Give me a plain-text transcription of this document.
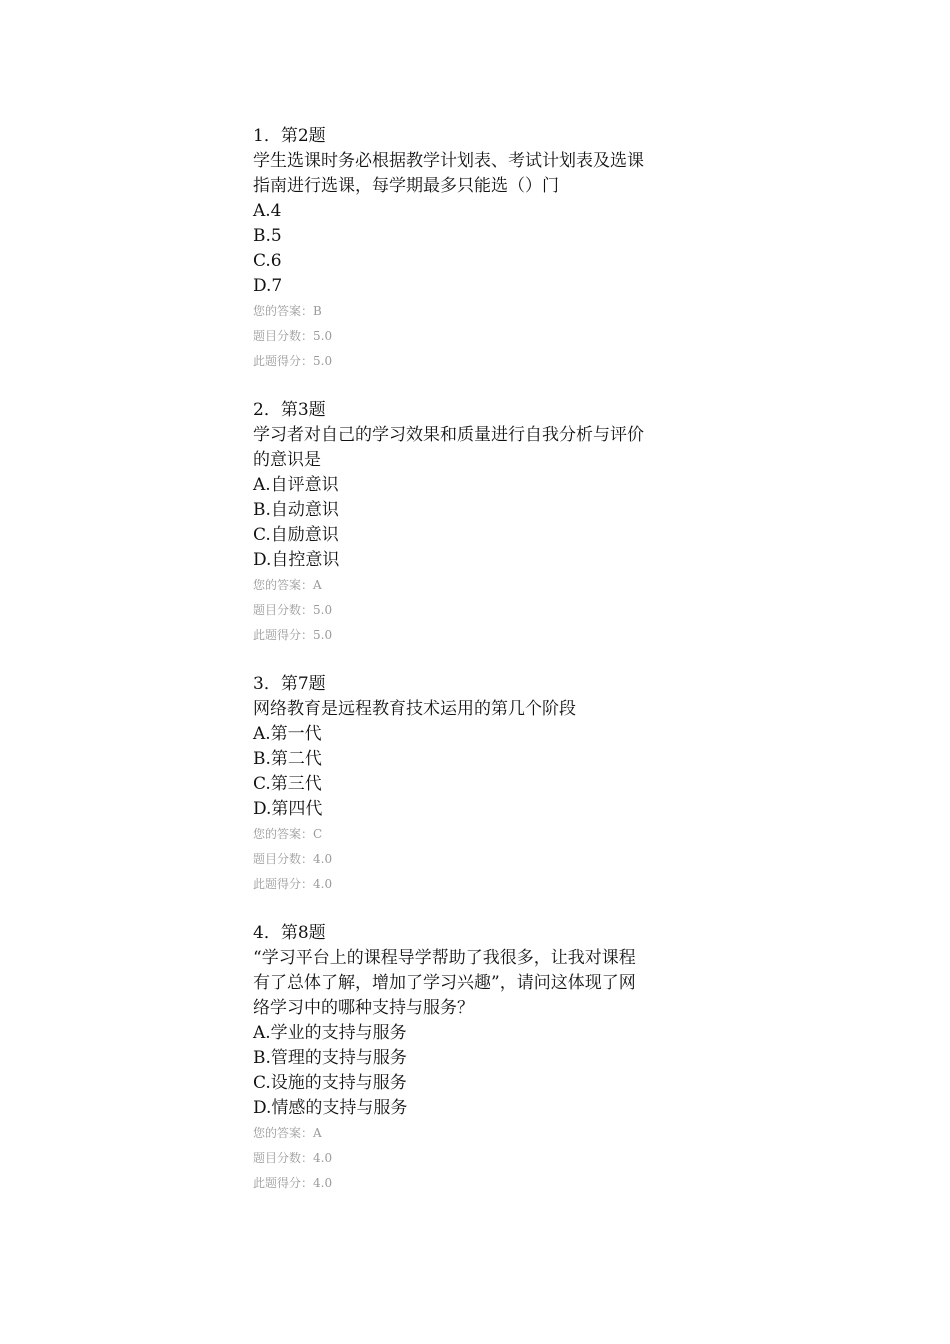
1．第2题
学生选课时务必根据教学计划表、考试计划表及选课
指南进行选课，每学期最多只能选（）门
A.4
B.5
C.6
D.7
您的答案：B
题目分数：5.0
此题得分：5.0
2．第3题
学习者对自己的学习效果和质量进行自我分析与评价
的意识是
A.自评意识
B.自动意识
C.自励意识
D.自控意识
您的答案：A
题目分数：5.0
此题得分：5.0
3．第7题
网络教育是远程教育技术运用的第几个阶段
A.第一代
B.第二代
C.第三代
D.第四代
您的答案：C
题目分数：4.0
此题得分：4.0
4．第8题
“学习平台上的课程导学帮助了我很多，让我对课程
有了总体了解，增加了学习兴趣”，请问这体现了网
络学习中的哪种支持与服务？
A.学业的支持与服务
B.管理的支持与服务
C.设施的支持与服务
D.情感的支持与服务
您的答案：A
题目分数：4.0
此题得分：4.0
